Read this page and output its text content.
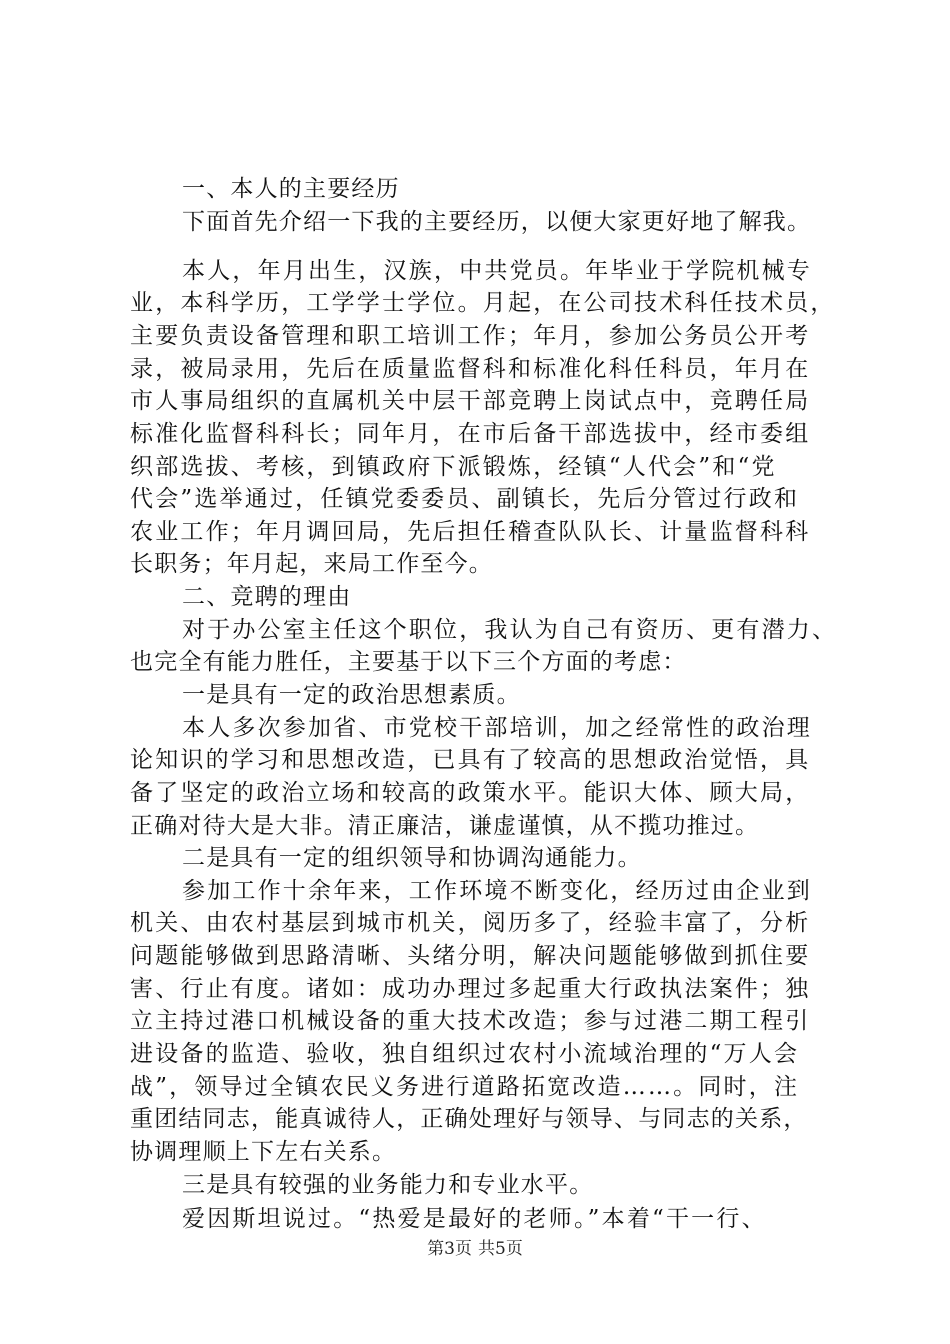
一、本人的主要经历
下面首先介绍一下我的主要经历，以便大家更好地了解我。
本人，年月出生，汉族，中共党员。年毕业于学院机械专
业，本科学历，工学学士学位。月起，在公司技术科任技术员，
主要负责设备管理和职工培训工作；年月，参加公务员公开考
录，被局录用，先后在质量监督科和标准化科任科员，年月在
市人事局组织的直属机关中层干部竞聘上岗试点中，竞聘任局
标准化监督科科长；同年月，在市后备干部选拔中，经市委组
织部选拔、考核，到镇政府下派锻炼，经镇“人代会”和“党
代会”选举通过，任镇党委委员、副镇长，先后分管过行政和
农业工作；年月调回局，先后担任稽查队队长、计量监督科科
长职务；年月起，来局工作至今。
二、竞聘的理由
对于办公室主任这个职位，我认为自己有资历、更有潜力、
也完全有能力胜任，主要基于以下三个方面的考虑：
一是具有一定的政治思想素质。
本人多次参加省、市党校干部培训，加之经常性的政治理
论知识的学习和思想改造，已具有了较高的思想政治觉悟，具
备了坚定的政治立场和较高的政策水平。能识大体、顾大局，
正确对待大是大非。清正廉洁，谦虚谨慎，从不揽功推过。
二是具有一定的组织领导和协调沟通能力。
参加工作十余年来，工作环境不断变化，经历过由企业到
机关、由农村基层到城市机关，阅历多了，经验丰富了，分析
问题能够做到思路清晰、头绪分明，解决问题能够做到抓住要
害、行止有度。诸如：成功办理过多起重大行政执法案件；独
立主持过港口机械设备的重大技术改造；参与过港二期工程引
进设备的监造、验收，独自组织过农村小流域治理的“万人会
战”，领导过全镇农民义务进行道路拓宽改造……。同时，注
重团结同志，能真诚待人，正确处理好与领导、与同志的关系，
协调理顺上下左右关系。
三是具有较强的业务能力和专业水平。
爱因斯坦说过。“热爱是最好的老师。”本着“干一行、
第3页 共5页
